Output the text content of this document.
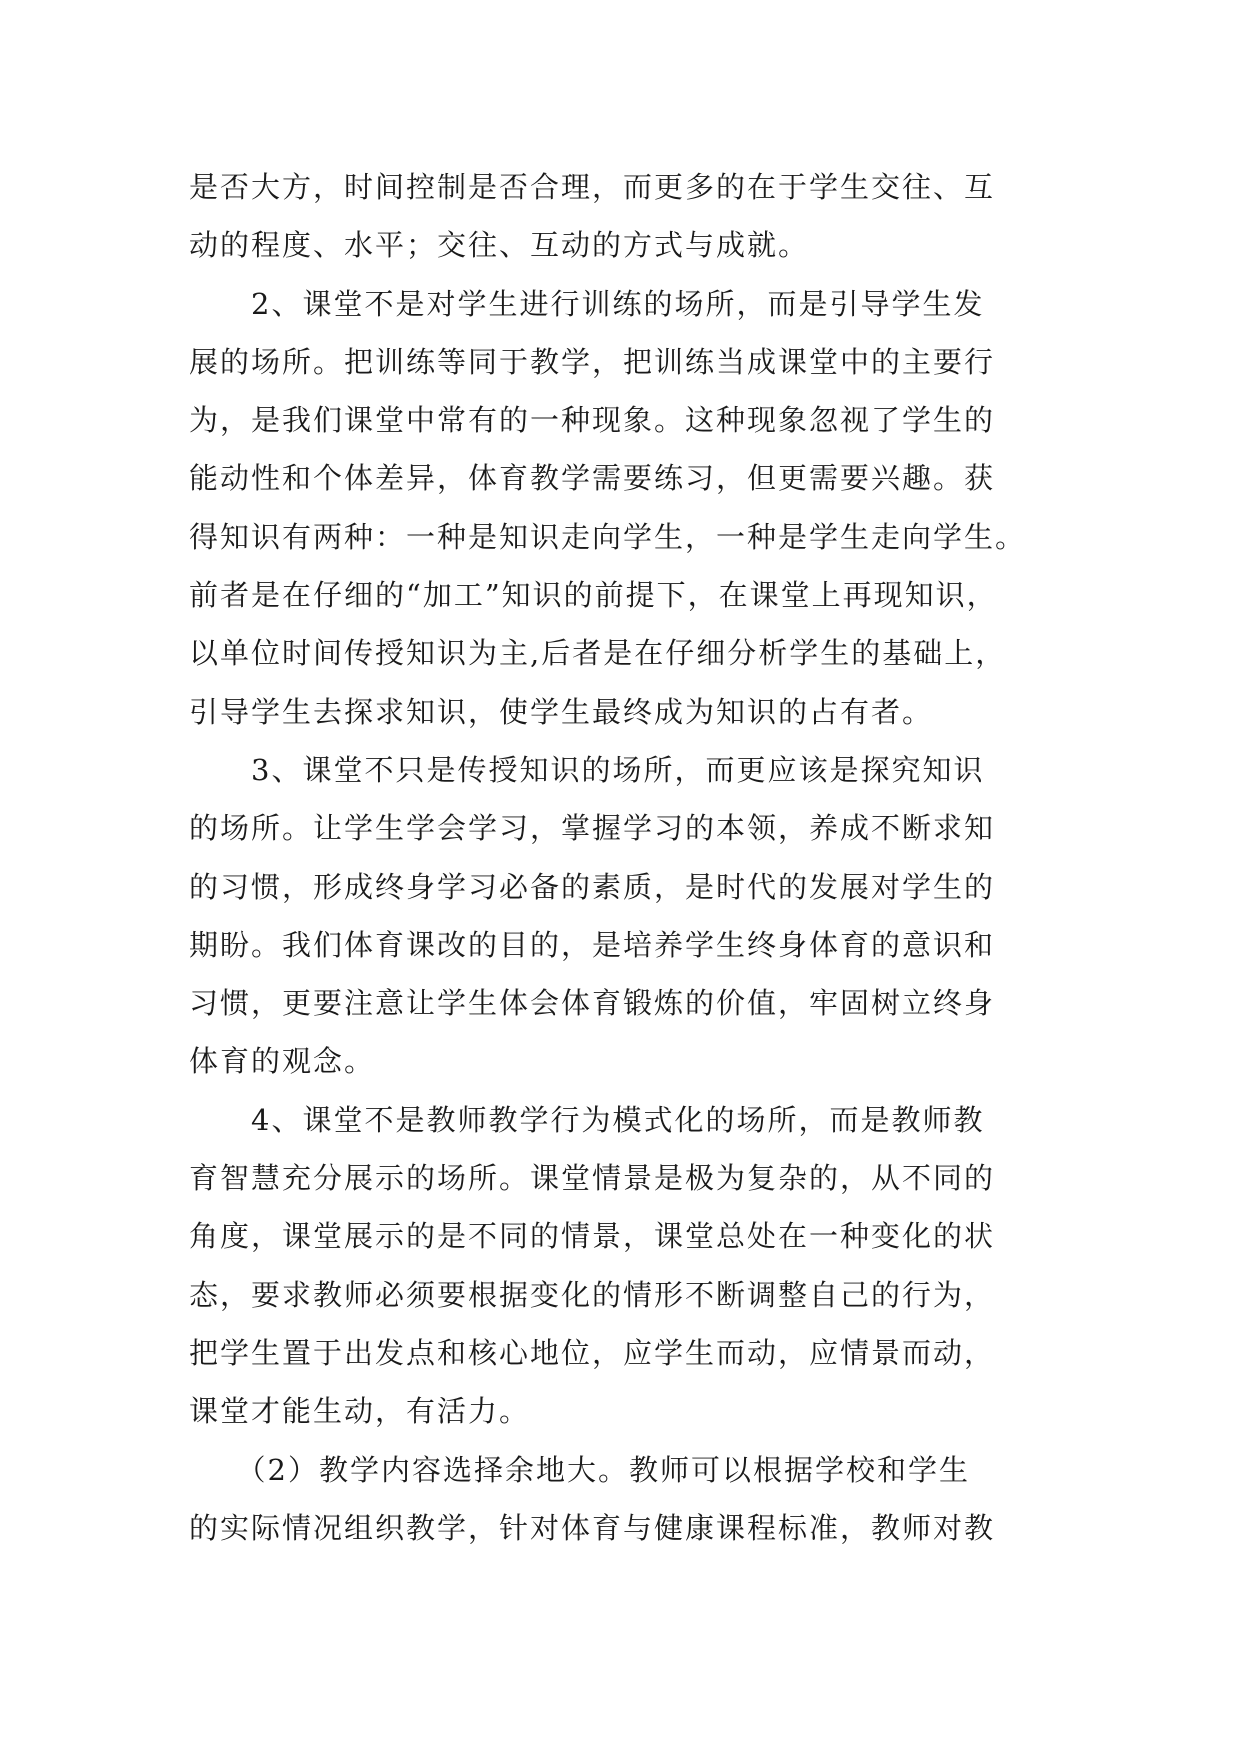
是否大方，时间控制是否合理，而更多的在于学生交往、互
动的程度、水平；交往、互动的方式与成就。
　　2、课堂不是对学生进行训练的场所，而是引导学生发
展的场所。把训练等同于教学，把训练当成课堂中的主要行
为，是我们课堂中常有的一种现象。这种现象忽视了学生的
能动性和个体差异，体育教学需要练习，但更需要兴趣。获
得知识有两种：一种是知识走向学生，一种是学生走向学生。
前者是在仔细的“加工”知识的前提下，在课堂上再现知识，
以单位时间传授知识为主,后者是在仔细分析学生的基础上，
引导学生去探求知识，使学生最终成为知识的占有者。
　　3、课堂不只是传授知识的场所，而更应该是探究知识
的场所。让学生学会学习，掌握学习的本领，养成不断求知
的习惯，形成终身学习必备的素质，是时代的发展对学生的
期盼。我们体育课改的目的，是培养学生终身体育的意识和
习惯，更要注意让学生体会体育锻炼的价值，牢固树立终身
体育的观念。
　　4、课堂不是教师教学行为模式化的场所，而是教师教
育智慧充分展示的场所。课堂情景是极为复杂的，从不同的
角度，课堂展示的是不同的情景，课堂总处在一种变化的状
态，要求教师必须要根据变化的情形不断调整自己的行为，
把学生置于出发点和核心地位，应学生而动，应情景而动，
课堂才能生动，有活力。
　　（2）教学内容选择余地大。教师可以根据学校和学生
的实际情况组织教学，针对体育与健康课程标准，教师对教
